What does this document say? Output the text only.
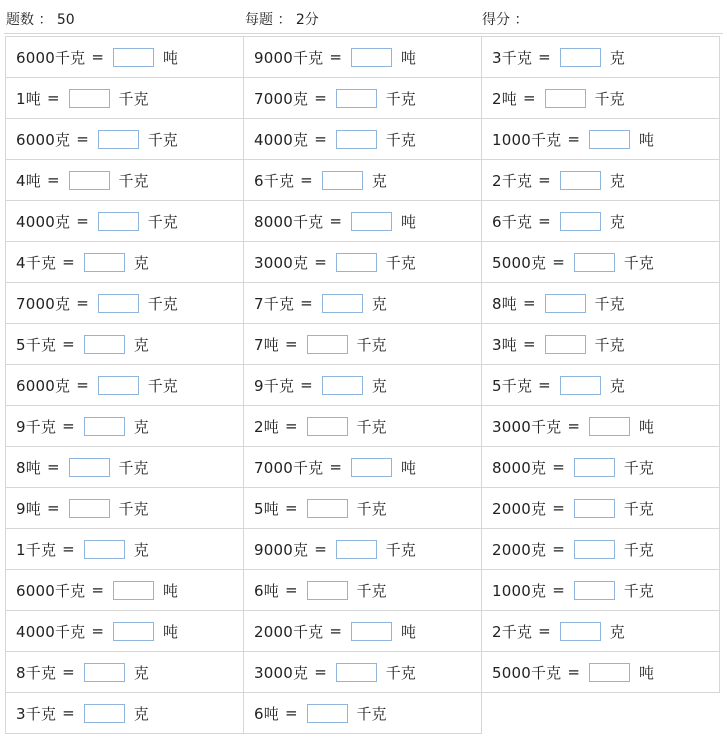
题数 ： 50	每题 ： 2分	得分 ：
6000千克 =	吨	9000千克 =	吨	3千克 =	克
1吨 =	千克	7000克 =	千克	2吨 =	千克
6000克 =	千克	4000克 =	千克	1000千克 =	吨
4吨 =	千克	6千克 =	克	2千克 =	克
4000克 =	千克	8000千克 =	吨	6千克 =	克
4千克 =	克	3000克 =	千克	5000克 =	千克
7000克 =	千克	7千克 =	克	8吨 =	千克
5千克 =	克	7吨 =	千克	3吨 =	千克
6000克 =	千克	9千克 =	克	5千克 =	克
9千克 =	克	2吨 =	千克	3000千克 =	吨
8吨 =	千克	7000千克 =	吨	8000克 =	千克
9吨 =	千克	5吨 =	千克	2000克 =	千克
1千克 =	克	9000克 =	千克	2000克 =	千克
6000千克 =	吨	6吨 =	千克	1000克 =	千克
4000千克 =	吨	2000千克 =	吨	2千克 =	克
8千克 =	克	3000克 =	千克	5000千克 =	吨
3千克 =	克	6吨 =	千克
